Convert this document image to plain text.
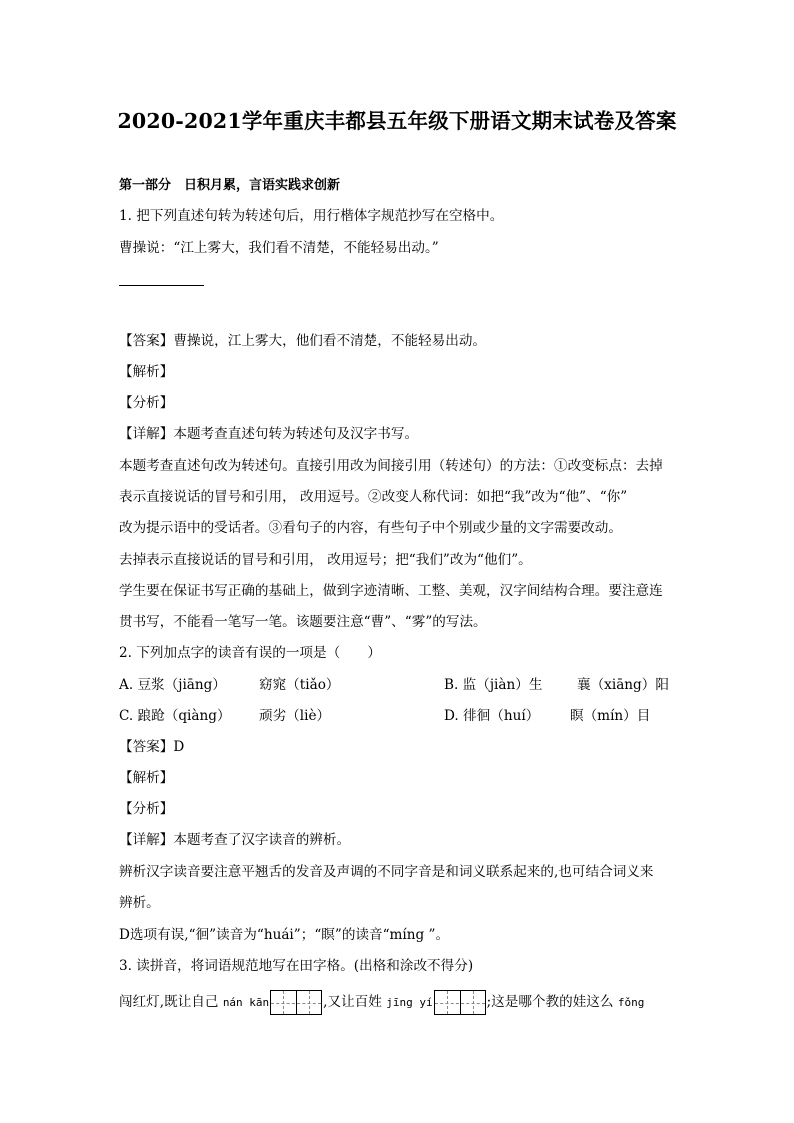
2020-2021学年重庆丰都县五年级下册语文期末试卷及答案
第一部分　日积月累，言语实践求创新
1. 把下列直述句转为转述句后，用行楷体字规范抄写在空格中。
曹操说：“江上雾大，我们看不清楚，不能轻易出动。”
【答案】曹操说，江上雾大，他们看不清楚，不能轻易出动。
【解析】
【分析】
【详解】本题考查直述句转为转述句及汉字书写。
本题考查直述句改为转述句。直接引用改为间接引用（转述句）的方法：①改变标点：去掉
表示直接说话的冒号和引用， 改用逗号。②改变人称代词：如把“我”改为“他”、“你”
改为提示语中的受话者。③看句子的内容，有些句子中个别或少量的文字需要改动。
去掉表示直接说话的冒号和引用， 改用逗号；把“我们”改为“他们”。
学生要在保证书写正确的基础上，做到字迹清晰、工整、美观，汉字间结构合理。要注意连
贯书写，不能看一笔写一笔。该题要注意“曹”、“雾”的写法。
2. 下列加点字的读音有误的一项是（　　）
A. 豆浆（jiāng） 窈窕（tiǎo）	B. 监（jiàn）生	襄（xiāng）阳
C. 踉跄（qiàng） 顽劣（liè）	D. 徘徊（huí） 瞑（mín）目
【答案】D
【解析】
【分析】
【详解】本题考查了汉字读音的辨析。
辨析汉字读音要注意平翘舌的发音及声调的不同字音是和词义联系起来的,也可结合词义来
辨析。
D选项有误,“徊”读音为“huái”；“瞑”的读音“míng ”。
3. 读拼音，将词语规范地写在田字格。(出格和涂改不得分)
闯红灯,既让自己 nán kān	,又让百姓 jīng yí	;这是哪个教的娃这么 fǒng
